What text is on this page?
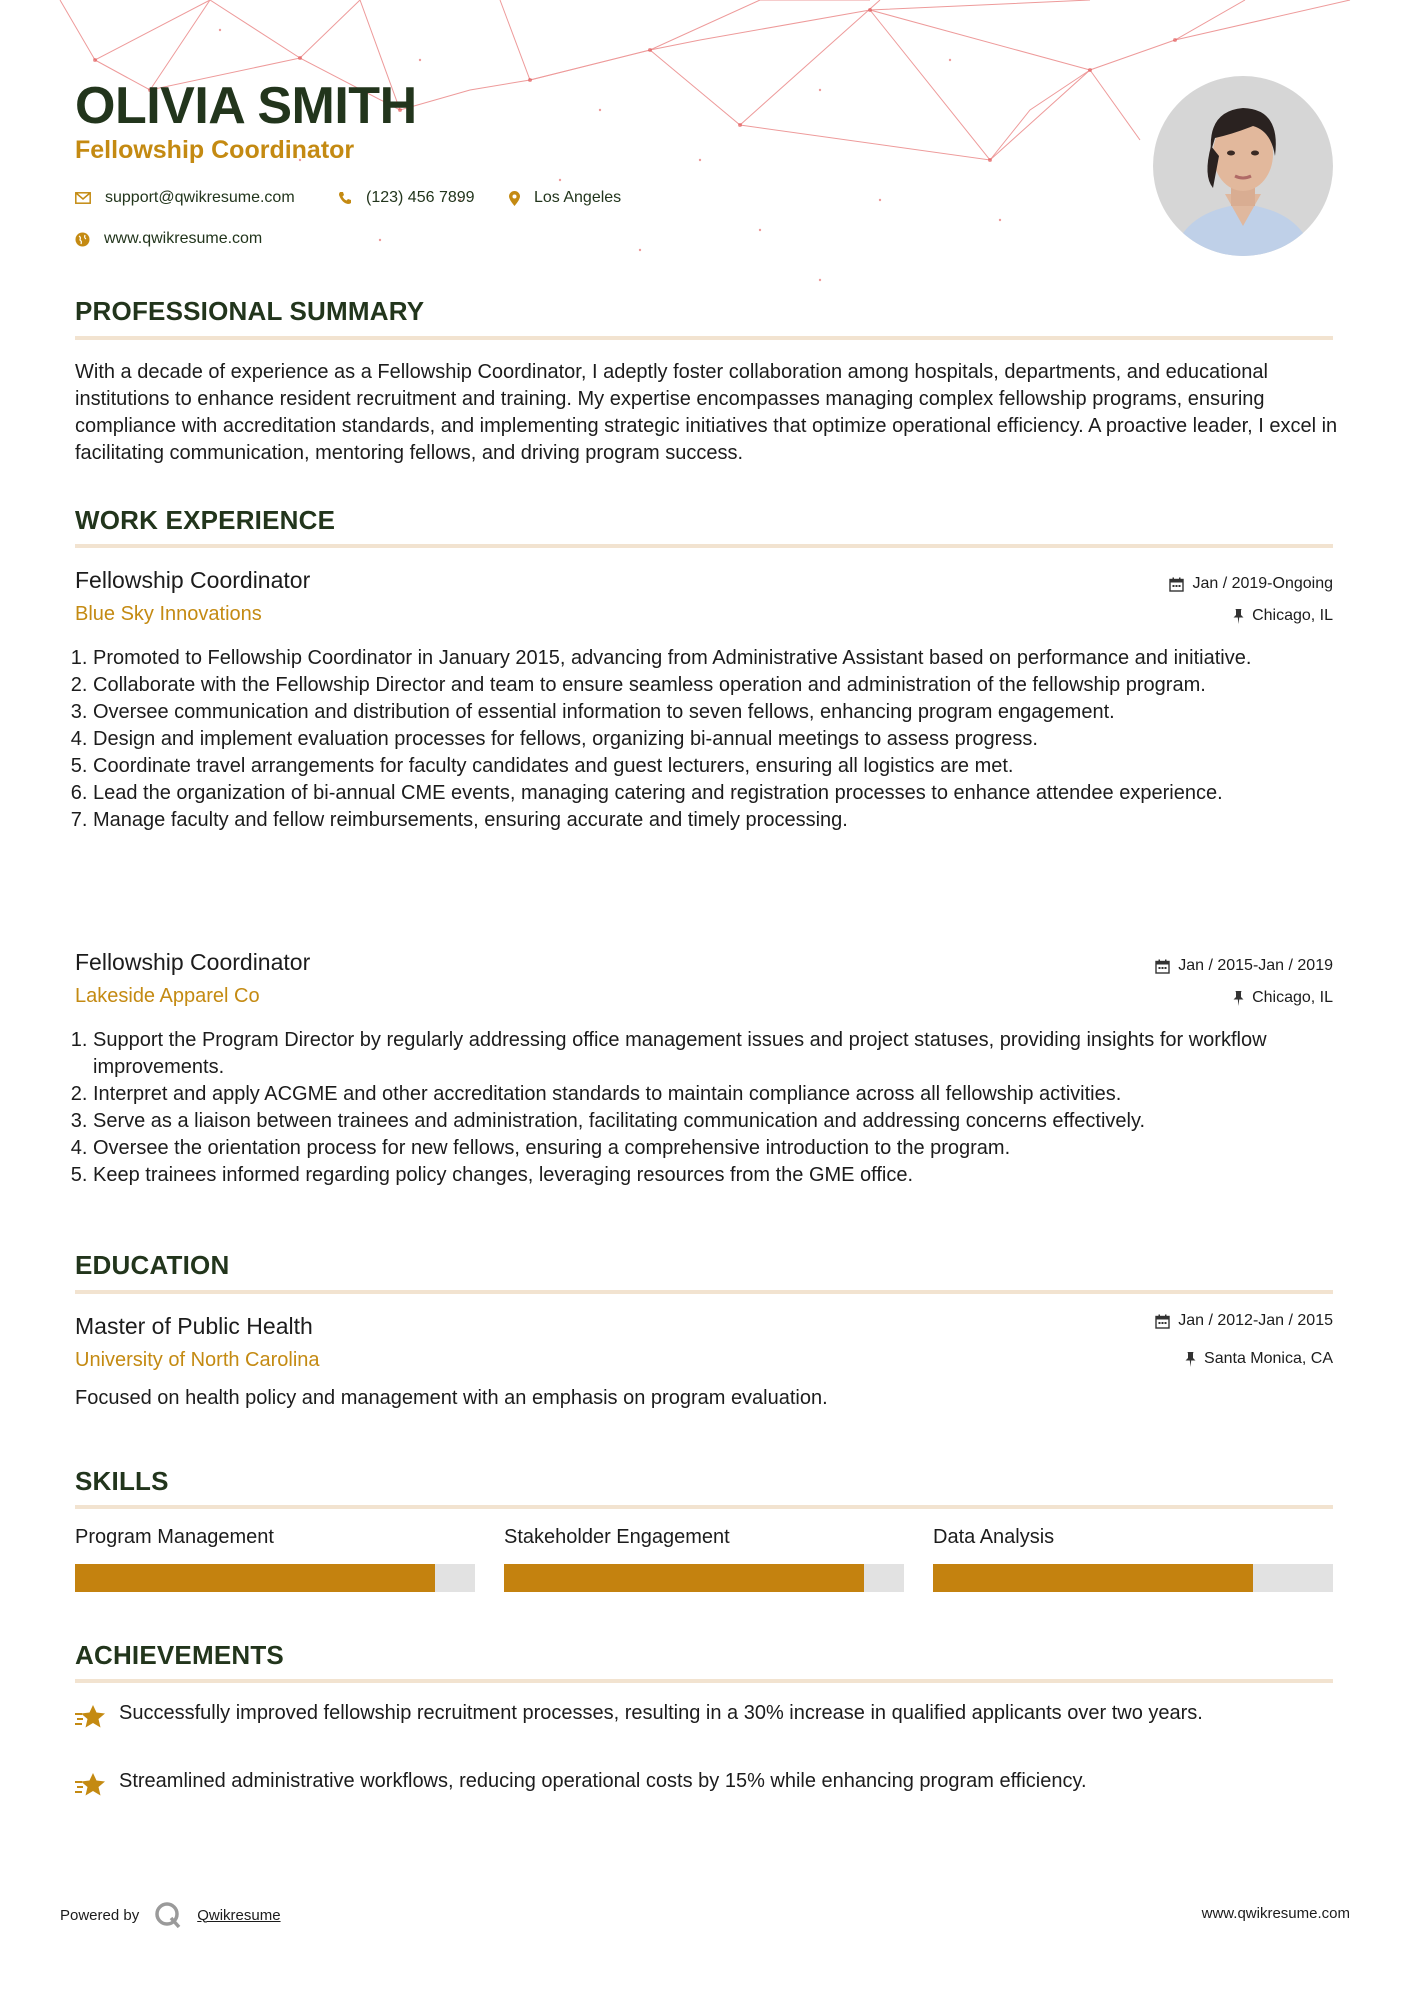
OLIVIA SMITH
Fellowship Coordinator
support@qwikresume.com	(123) 456 7899	Los Angeles
www.qwikresume.com
PROFESSIONAL SUMMARY

With a decade of experience as a Fellowship Coordinator, I adeptly foster collaboration among hospitals, departments, and educational institutions to enhance resident recruitment and training. My expertise encompasses managing complex fellowship programs, ensuring compliance with accreditation standards, and implementing strategic initiatives that optimize operational efficiency. A proactive leader, I excel in facilitating communication, mentoring fellows, and driving program success.

WORK EXPERIENCE
Fellowship Coordinator
Blue Sky Innovations
Jan / 2019-Ongoing
Chicago, IL
1. Promoted to Fellowship Coordinator in January 2015, advancing from Administrative Assistant based on performance and initiative.
2. Collaborate with the Fellowship Director and team to ensure seamless operation and administration of the fellowship program.
3. Oversee communication and distribution of essential information to seven fellows, enhancing program engagement.
4. Design and implement evaluation processes for fellows, organizing bi-annual meetings to assess progress.
5. Coordinate travel arrangements for faculty candidates and guest lecturers, ensuring all logistics are met.
6. Lead the organization of bi-annual CME events, managing catering and registration processes to enhance attendee experience.
7. Manage faculty and fellow reimbursements, ensuring accurate and timely processing.
Fellowship Coordinator
Lakeside Apparel Co
Jan / 2015-Jan / 2019
Chicago, IL
1. Support the Program Director by regularly addressing office management issues and project statuses, providing insights for workflow improvements.
2. Interpret and apply ACGME and other accreditation standards to maintain compliance across all fellowship activities.
3. Serve as a liaison between trainees and administration, facilitating communication and addressing concerns effectively.
4. Oversee the orientation process for new fellows, ensuring a comprehensive introduction to the program.
5. Keep trainees informed regarding policy changes, leveraging resources from the GME office.
EDUCATION
Master of Public Health
University of North Carolina
Jan / 2012-Jan / 2015
Santa Monica, CA

Focused on health policy and management with an emphasis on program evaluation.

SKILLS
Program Management	Stakeholder Engagement	Data Analysis
ACHIEVEMENTS
Successfully improved fellowship recruitment processes, resulting in a 30% increase in qualified applicants over two years.
Streamlined administrative workflows, reducing operational costs by 15% while enhancing program efficiency.
Powered by	Qwikresume	www.qwikresume.com
